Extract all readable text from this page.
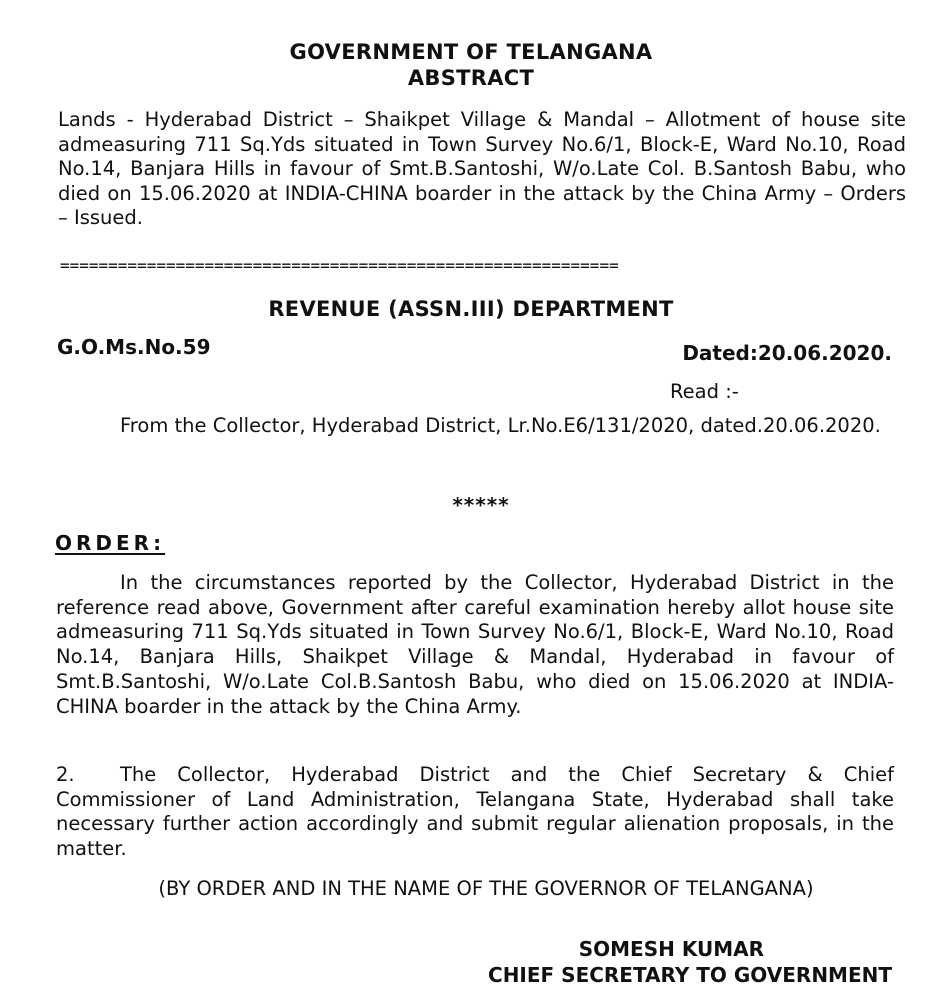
GOVERNMENT OF TELANGANA
ABSTRACT
Lands - Hyderabad District – Shaikpet Village & Mandal – Allotment of house site admeasuring 711 Sq.Yds situated in Town Survey No.6/1, Block-E, Ward No.10, Road No.14, Banjara Hills in favour of Smt.B.Santoshi, W/o.Late Col. B.Santosh Babu, who died on 15.06.2020 at INDIA-CHINA boarder in the attack by the China Army – Orders – Issued.
==========================================================
REVENUE (ASSN.III) DEPARTMENT
G.O.Ms.No.59	Dated:20.06.2020.
Read :-
From the Collector, Hyderabad District, Lr.No.E6/131/2020, dated.20.06.2020.
*****
ORDER:
In the circumstances reported by the Collector, Hyderabad District in the reference read above, Government after careful examination hereby allot house site admeasuring 711 Sq.Yds situated in Town Survey No.6/1, Block-E, Ward No.10, Road No.14, Banjara Hills, Shaikpet Village & Mandal, Hyderabad in favour of Smt.B.Santoshi, W/o.Late Col.B.Santosh Babu, who died on 15.06.2020 at INDIA-CHINA boarder in the attack by the China Army.
2. The Collector, Hyderabad District and the Chief Secretary & Chief Commissioner of Land Administration, Telangana State, Hyderabad shall take necessary further action accordingly and submit regular alienation proposals, in the matter.
(BY ORDER AND IN THE NAME OF THE GOVERNOR OF TELANGANA)
SOMESH KUMAR
CHIEF SECRETARY TO GOVERNMENT
